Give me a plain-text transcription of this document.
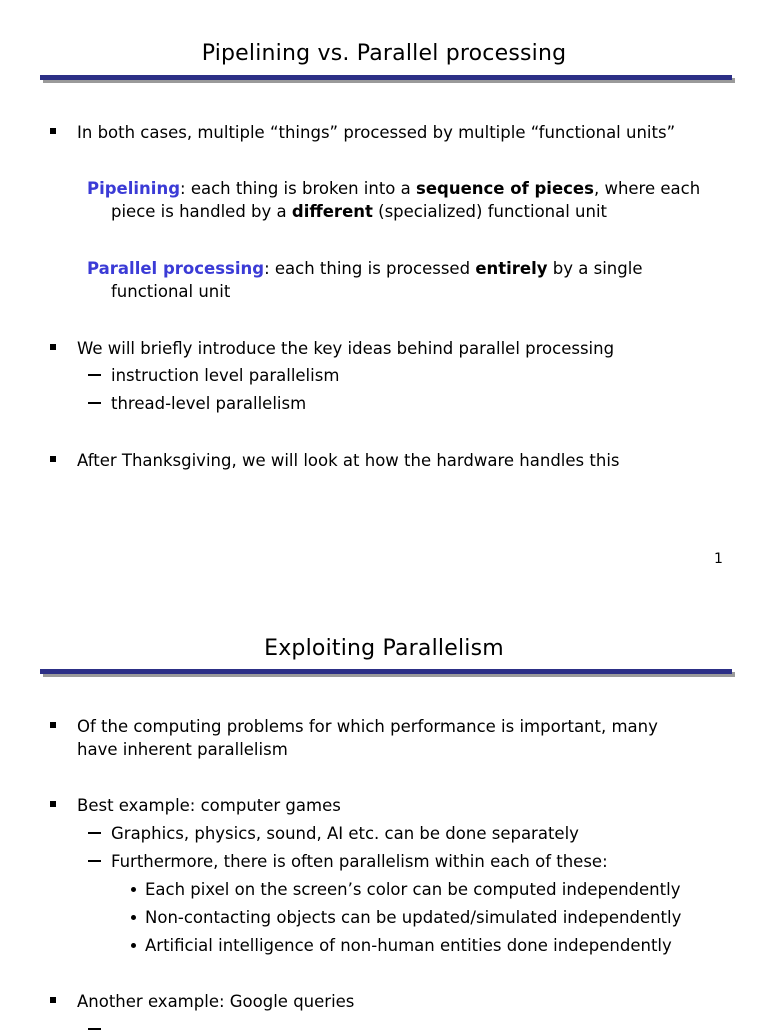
Pipelining vs. Parallel processing
In both cases, multiple “things” processed by multiple “functional units”
Pipelining: each thing is broken into a sequence of pieces, where each
piece is handled by a different (specialized) functional unit
Parallel processing: each thing is processed entirely by a single
functional unit
We will briefly introduce the key ideas behind parallel processing
instruction level parallelism
thread-level parallelism
After Thanksgiving, we will look at how the hardware handles this
1
Exploiting Parallelism
Of the computing problems for which performance is important, many
have inherent parallelism
Best example: computer games
Graphics, physics, sound, AI etc. can be done separately
Furthermore, there is often parallelism within each of these:
Each pixel on the screen’s color can be computed independently
Non-contacting objects can be updated/simulated independently
Artificial intelligence of non-human entities done independently
Another example: Google queries
